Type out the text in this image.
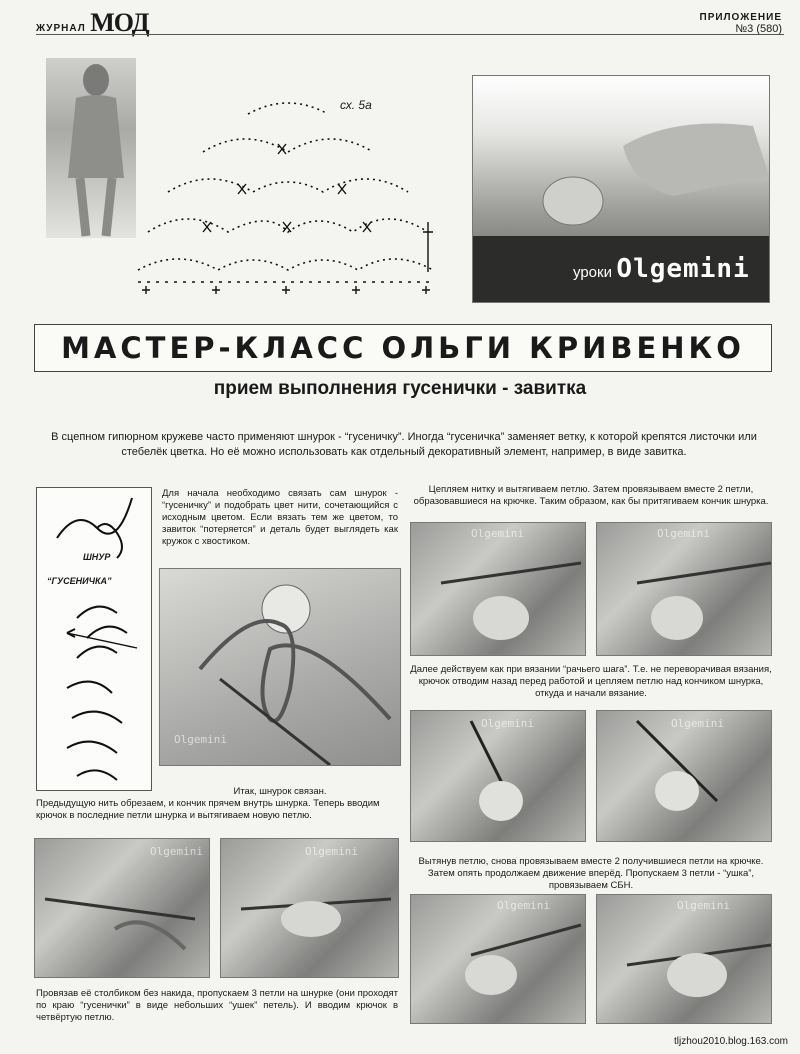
ЖУРНАЛ МОД	ПРИЛОЖЕНИЕ
№3 (580)
сх. 5а
уроки Olgemini
МАСТЕР-КЛАСС ОЛЬГИ КРИВЕНКО
прием выполнения гусенички - завитка
В сцепном гипюрном кружеве часто применяют шнурок - “гусеничку”. Иногда “гусеничка” заменяет ветку, к которой крепятся листочки или стебелёк цветка. Но её можно использовать как отдельный декоративный элемент, например, в виде завитка.
ШНУР
“ГУСЕНИЧКА”
Для начала необходимо связать сам шнурок - “гусеничку” и подобрать цвет нити, сочетающийся с исходным цветом. Если вязать тем же цветом, то завиток “потеряется” и деталь будет выглядеть как кружок с хвостиком.
Olgemini
Итак, шнурок связан.
Предыдущую нить обрезаем, и кончик прячем внутрь шнурка. Теперь вводим крючок в последние петли шнурка и вытягиваем новую петлю.
Olgemini	Olgemini
Провязав её столбиком без накида, пропускаем 3 петли на шнурке (они проходят по краю “гусенички” в виде небольших “ушек” петель). И вводим крючок в четвёртую петлю.
Цепляем нитку и вытягиваем петлю. Затем провязываем вместе 2 петли, образовавшиеся на крючке. Таким образом, как бы притягиваем кончик шнурка.
Olgemini	Olgemini
Далее действуем как при вязании “рачьего шага”. Т.е. не переворачивая вязания, крючок отводим назад перед работой и цепляем петлю над кончиком шнурка, откуда и начали вязание.
Olgemini	Olgemini
Вытянув петлю, снова провязываем вместе 2 получившиеся петли на крючке. Затем опять продолжаем движение вперёд. Пропускаем 3 петли - “ушка”, провязываем СБН.
Olgemini	Olgemini
tljzhou2010.blog.163.com
